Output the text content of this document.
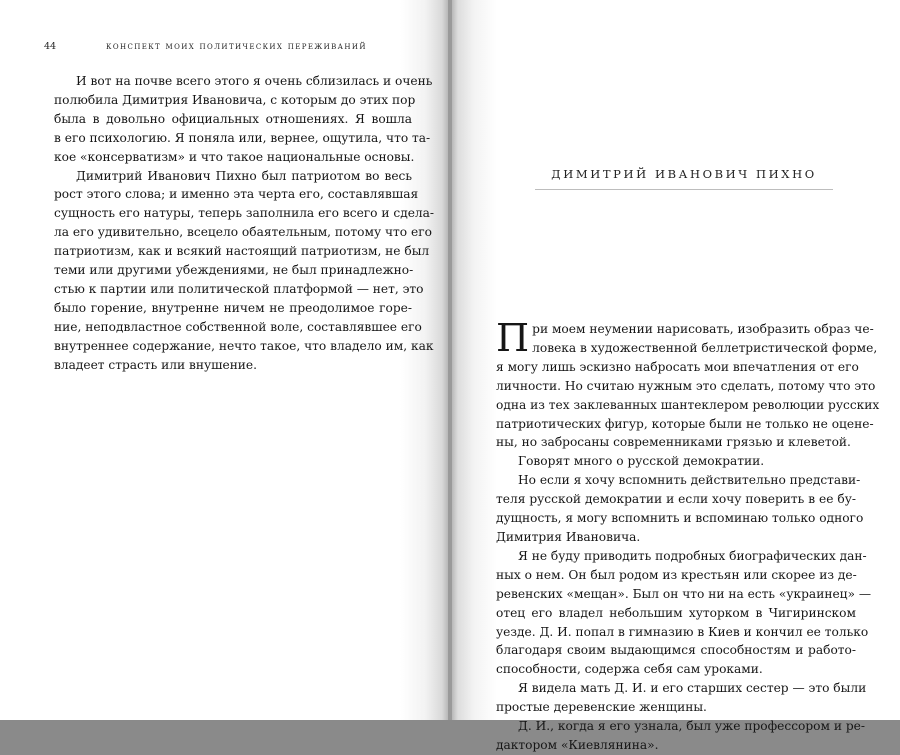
44	конспект моих политических переживаний
И вот на почве всего этого я очень сблизилась и очень
полюбила Димитрия Ивановича, с которым до этих пор
была в довольно официальных отношениях. Я вошла
в его психологию. Я поняла или, вернее, ощутила, что та-
кое «консерватизм» и что такое национальные основы.
Димитрий Иванович Пихно был патриотом во весь
рост этого слова; и именно эта черта его, составлявшая
сущность его натуры, теперь заполнила его всего и сдела-
ла его удивительно, всецело обаятельным, потому что его
патриотизм, как и всякий настоящий патриотизм, не был
теми или другими убеждениями, не был принадлежно-
стью к партии или политической платформой — нет, это
было горение, внутренне ничем не преодолимое горе-
ние, неподвластное собственной воле, составлявшее его
внутреннее содержание, нечто такое, что владело им, как
владеет страсть или внушение.
ДИМИТРИЙ ИВАНОВИЧ ПИХНО
П ри моем неумении нарисовать, изобразить образ че-
ловека в художественной беллетристической форме,
я могу лишь эскизно набросать мои впечатления от его
личности. Но считаю нужным это сделать, потому что это
одна из тех заклеванных шантеклером революции русских
патриотических фигур, которые были не только не оцене-
ны, но забросаны современниками грязью и клеветой.
Говорят много о русской демократии.
Но если я хочу вспомнить действительно представи-
теля русской демократии и если хочу поверить в ее бу-
дущность, я могу вспомнить и вспоминаю только одного
Димитрия Ивановича.
Я не буду приводить подробных биографических дан-
ных о нем. Он был родом из крестьян или скорее из де-
ревенских «мещан». Был он что ни на есть «украинец» —
отец его владел небольшим хуторком в Чигиринском
уезде. Д. И. попал в гимназию в Киев и кончил ее только
благодаря своим выдающимся способностям и работо-
способности, содержа себя сам уроками.
Я видела мать Д. И. и его старших сестер — это были
простые деревенские женщины.
Д. И., когда я его узнала, был уже профессором и ре-
дактором «Киевлянина».
